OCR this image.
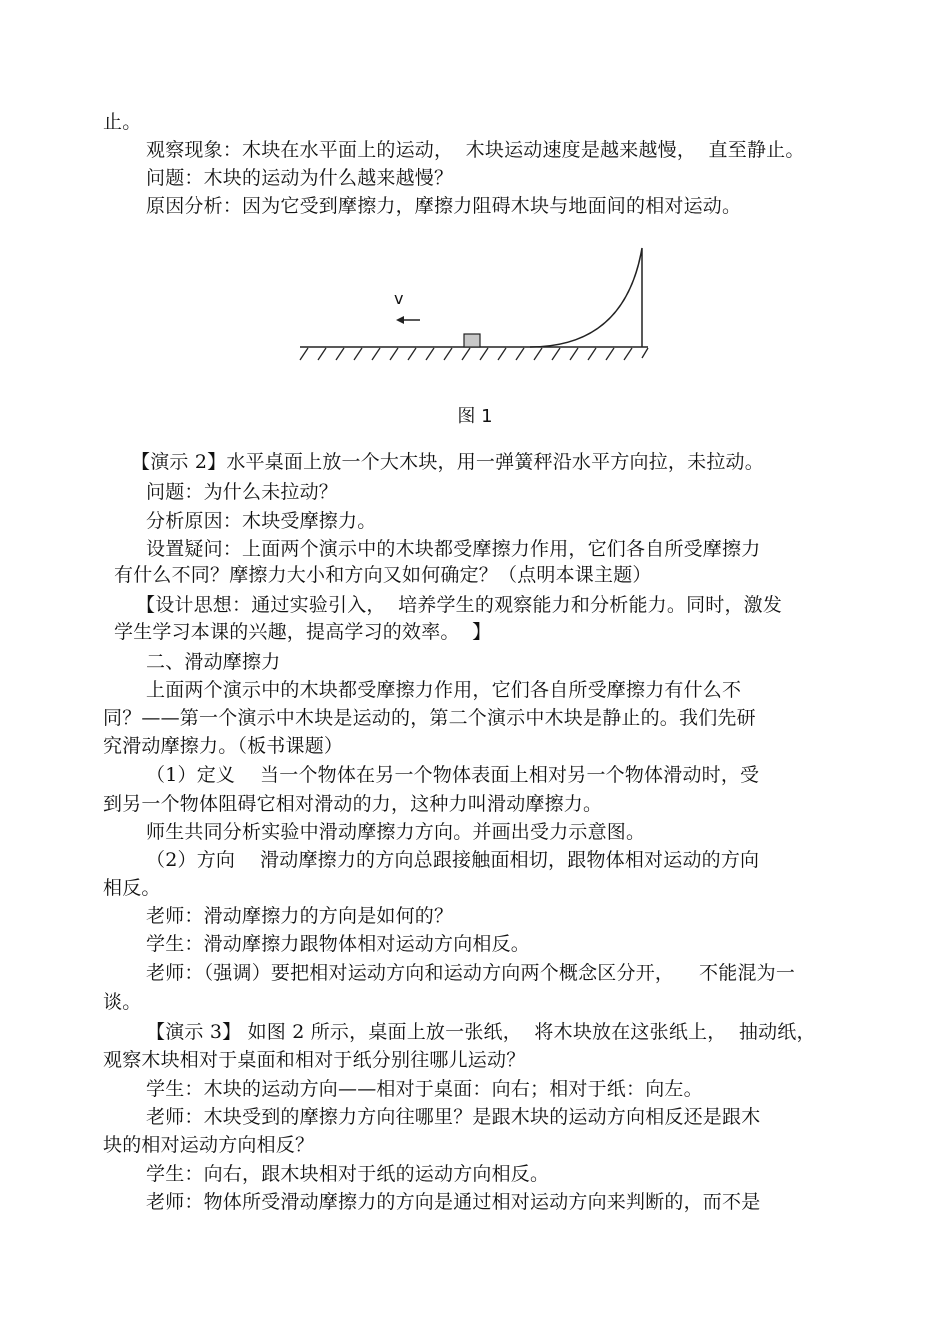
止。
观察现象：木块在水平面上的运动，  木块运动速度是越来越慢，  直至静止。
问题：木块的运动为什么越来越慢？
原因分析：因为它受到摩擦力，摩擦力阻碍木块与地面间的相对运动。
v
图 1
【演示 2】水平桌面上放一个大木块，用一弹簧秤沿水平方向拉，未拉动。
问题：为什么未拉动？
分析原因：木块受摩擦力。
设置疑问：上面两个演示中的木块都受摩擦力作用，它们各自所受摩擦力
有什么不同？摩擦力大小和方向又如何确定？（点明本课主题）
【设计思想：通过实验引入，  培养学生的观察能力和分析能力。同时，激发
学生学习本课的兴趣，提高学习的效率。  】
二、滑动摩擦力
上面两个演示中的木块都受摩擦力作用，它们各自所受摩擦力有什么不
同？——第一个演示中木块是运动的，第二个演示中木块是静止的。我们先研
究滑动摩擦力。（板书课题）
（1）定义    当一个物体在另一个物体表面上相对另一个物体滑动时，受
到另一个物体阻碍它相对滑动的力，这种力叫滑动摩擦力。
师生共同分析实验中滑动摩擦力方向。并画出受力示意图。
（2）方向    滑动摩擦力的方向总跟接触面相切，跟物体相对运动的方向
相反。
老师：滑动摩擦力的方向是如何的？
学生：滑动摩擦力跟物体相对运动方向相反。
老师：（强调）要把相对运动方向和运动方向两个概念区分开，    不能混为一
谈。
【演示 3】 如图 2 所示，桌面上放一张纸，  将木块放在这张纸上，  抽动纸，
观察木块相对于桌面和相对于纸分别往哪儿运动？
学生：木块的运动方向——相对于桌面：向右；相对于纸：向左。
老师：木块受到的摩擦力方向往哪里？是跟木块的运动方向相反还是跟木
块的相对运动方向相反？
学生：向右，跟木块相对于纸的运动方向相反。
老师：物体所受滑动摩擦力的方向是通过相对运动方向来判断的，而不是
